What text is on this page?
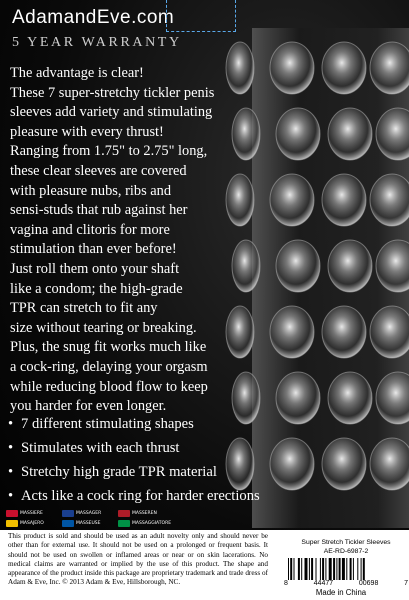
AdamandEve.com
5 YEAR WARRANTY
The advantage is clear!
These 7 super-stretchy tickler penis
sleeves add variety and stimulating
pleasure with every thrust!
Ranging from 1.75" to 2.75" long,
these clear sleeves are covered
with pleasure nubs, ribs and
sensi-studs that rub against her
vagina and clitoris for more
stimulation than ever before!
Just roll them onto your shaft
like a condom; the high-grade
TPR can stretch to fit any
size without tearing or breaking.
Plus, the snug fit works much like
a cock-ring, delaying your orgasm
while reducing blood flow to keep
you harder for even longer.
• 7 different stimulating shapes
• Stimulates with each thrust
• Stretchy high grade TPR material
• Acts like a cock ring for harder erections
MASSIERE	MASSAGER	MASSEREN
MASAJERO	MASSEUSE	MASSAGGIATORE
This product is sold and should be used as an adult novelty only and should never be other than for external use. It should not be used on a prolonged or frequent basis. It should not be used on swollen or inflamed areas or near or on skin lacerations. No medical claims are warranted or implied by the use of this product. The shape and appearance of the product inside this package are proprietary trademark and trade dress of Adam & Eve, Inc. © 2013 Adam & Eve, Hillsborough, NC.
Super Stretch Tickler Sleeves
AE-RD-6987-2
8	44477	00698	7
Made in China
